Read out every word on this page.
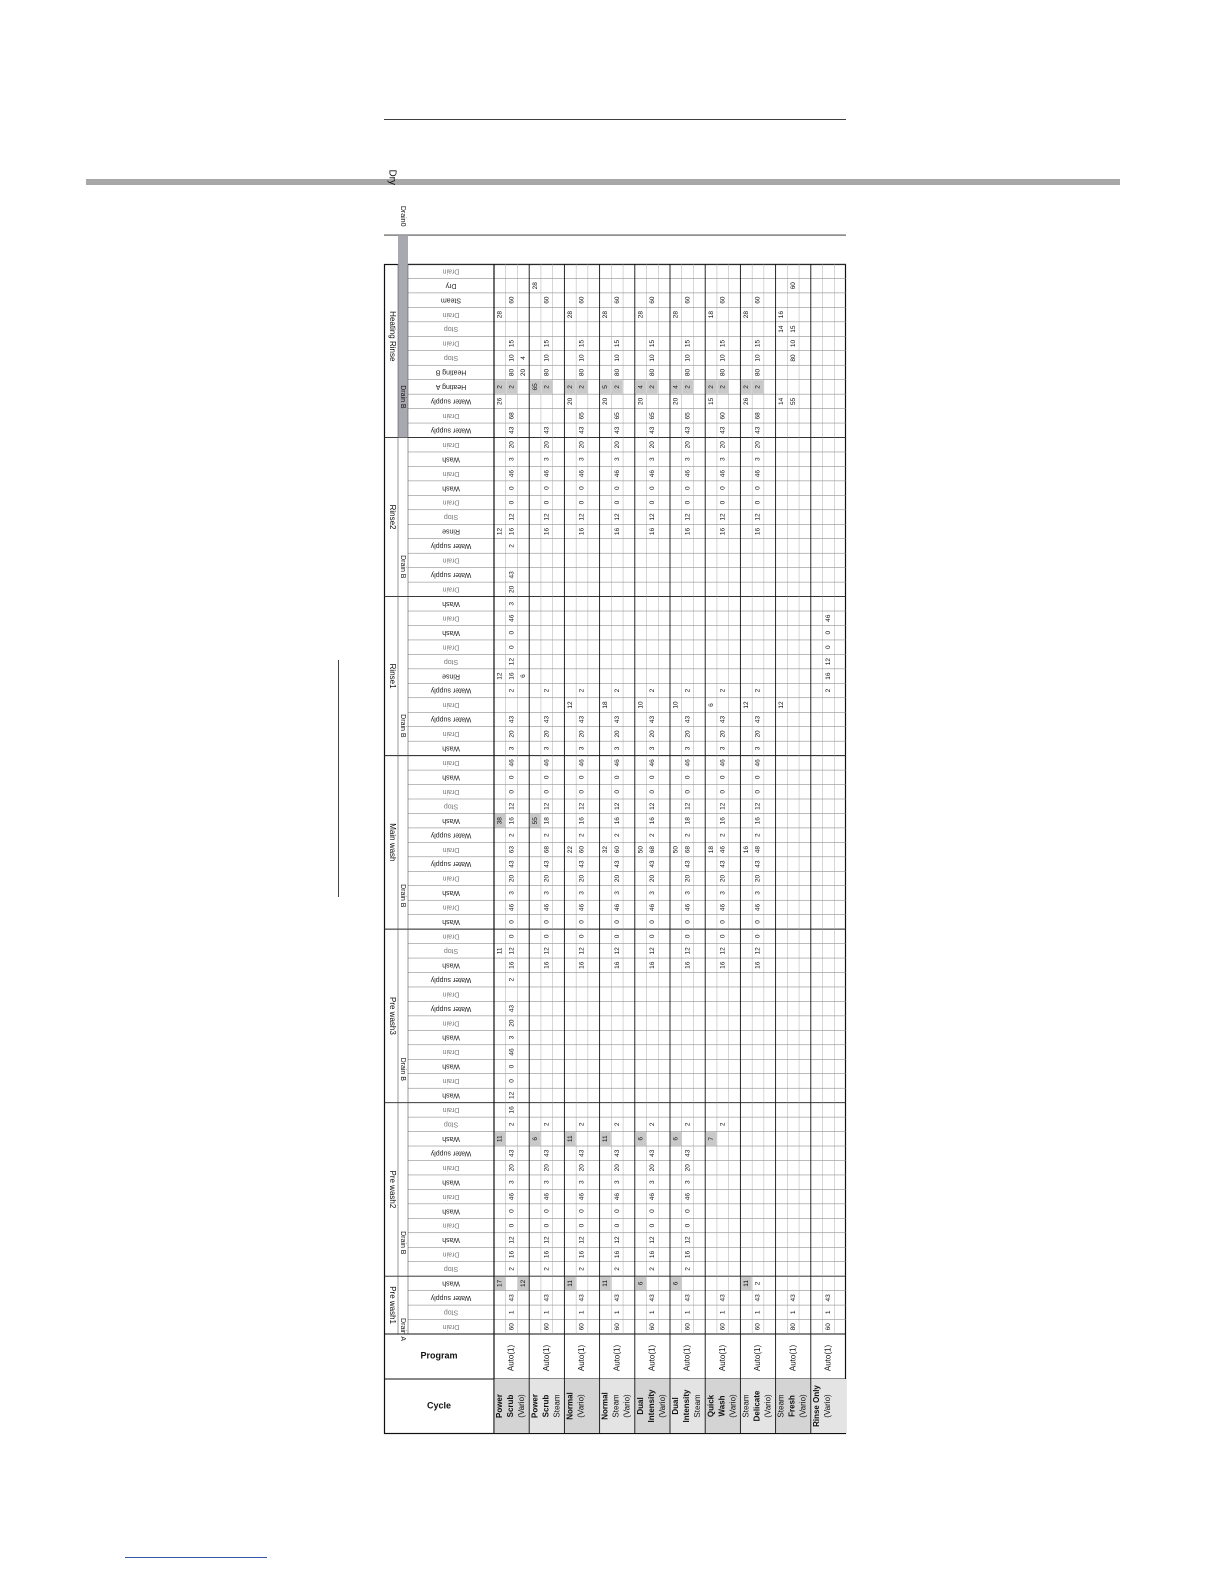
Drain
Stop
Water supply
Wash
Stop
Drain
Wash
Drain
Wash
Drain
Wash
Drain
Water supply
Wash
Stop
Drain
Wash
Drain
Wash
Drain
Wash
Drain
Water supply
Drain
Water supply
Wash
Stop
Drain
Wash
Drain
Wash
Drain
Water supply
Drain
Water supply
Wash
Stop
Drain
Wash
Drain
Wash
Drain
Water supply
Drain
Water supply
Rinse
Stop
Drain
Wash
Drain
Wash
Drain
Water supply
Drain
Water supply
Rinse
Stop
Drain
Wash
Drain
Wash
Drain
Water supply
Drain
Water supply
Heating A
Heating B
Stop
Drain
Stop
Drain
Steam
Dry
Drain
Pre wash1
Drain A
Pre wash2
Drain B
Pre wash3
Drain B
Main wash
Drain B
Rinse1
Drain B
Rinse2
Drain B
Heating Rinse
Drain B
Dry
Drain0
Program
Cycle	Power Scrub (Vario)
Auto(1)
17
11
11
38
12
12
26
2
28
60
1
43
2
16
12
0
0
46
3
20
43
2
16
12
0
0
46
3
20
43
2
16
12
0
0
46
3
20
43
63
2
16
12
0
0
46
3
20
43
2
16
12
0
0
46
3
20
43
2
16
12
0
0
46
3
20
43
68
2
80
10
15
60
12
6
20
4
Power Scrub Steam
Auto(1)
6
55
65
28
60
1
43
2
16
12
0
0
46
3
20
43
2
16
12
0
0
46
3
20
43
68
2
18
12
0
0
46
3
20
43
2
16
12
0
0
46
3
20
43
2
80
10
15
60
Normal (Vario)
Auto(1)
11
11
22
12
20
2
28
60
1
43
2
16
12
0
0
46
3
20
43
2
16
12
0
0
46
3
20
43
60
2
16
12
0
0
46
3
20
43
2
16
12
0
0
46
3
20
43
65
2
80
10
15
60
Normal Steam (Vario)
Auto(1)
11
11
32
18
20
5
28
60
1
43
2
16
12
0
0
46
3
20
43
2
16
12
0
0
46
3
20
43
60
2
16
12
0
0
46
3
20
43
2
16
12
0
0
46
3
20
43
65
2
80
10
15
60
Dual Intensity (Vario)
Auto(1)
6
6
50
10
20
4
28
60
1
43
2
16
12
0
0
46
3
20
43
2
16
12
0
0
46
3
20
43
68
2
16
12
0
0
46
3
20
43
2
16
12
0
0
46
3
20
43
65
2
80
10
15
60
Dual Intensity Steam
Auto(1)
6
6
50
10
20
4
28
60
1
43
2
16
12
0
0
46
3
20
43
2
16
12
0
0
46
3
20
43
68
2
18
12
0
0
46
3
20
43
2
16
12
0
0
46
3
20
43
65
2
80
10
15
60
Quick Wash (Vario)
Auto(1)
7
18
6
15
2
18
60
1
43
2
16
12
0
0
46
3
20
43
46
2
16
12
0
0
46
3
20
43
2
16
12
0
0
46
3
20
43
60
2
80
10
15
60
Steam Delicate (Vario)
Auto(1)
11
16
12
26
2
28
60
1
43
2
16
12
0
0
46
3
20
43
48
2
16
12
0
0
46
3
20
43
2
16
12
0
0
46
3
20
43
68
2
80
10
15
60
Steam Fresh (Vario)
Auto(1)
12
14
14
16
80
1
43
55
80
10
15
60
Rinse Only (Vario)
Auto(1)
60
1
43
2
16
12
0
0
46
